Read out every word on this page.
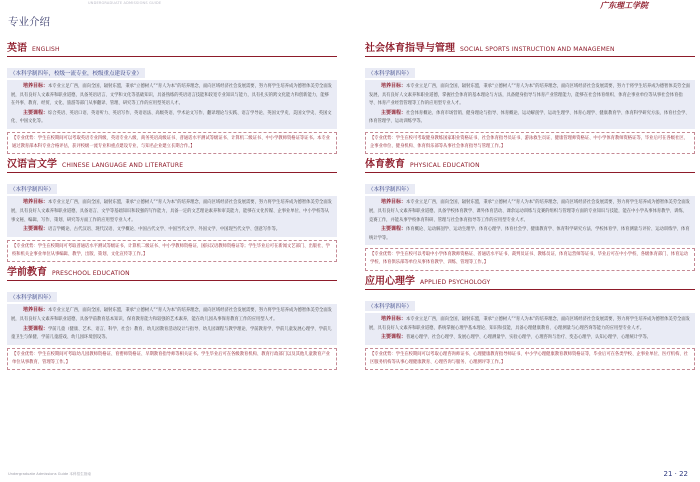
UNDERGRADUATE ADMISSIONS GUIDE	广东理工学院
专业介绍
英语 ENGLISH
（本科学制四年，校级一流专业，校级重点建设专业）

培养目标：本专业立足广西，面向全国，辐射东盟，秉承“立德树人”“育人为本”的培养理念，面向区域经济社会发展需要，努力将学生培养成为德智体美劳全面发展，具有良好人文素养和职业道德，具备英语语言、文学和文化等基础知识，具备熟练的英语语言技能和较宽专业知识与能力，具有扎实的跨文化能力和创新能力，能够在外事、教育、经贸、文化、旅游等部门从事翻译、管理、研究等工作的应用型英语人才。

主要课程：综合英语、英语口语、英语听力、英语写作、英语语法、高级英语、学术论文写作、翻译理论与实践、语言学导论、英国文学史、美国文学史、英国文化、中国文化等。

【专业优势：学生在校期间可以考取英语专业四级、英语专业八级、商务英语高级证书、普通话水平测试等级证书、计算机二级证书、中小学教师资格证等证书。本专业通过教育部本科专业合格评估，获评校级一流专业和重点建设专业，与知名企业建立长期合作。】

汉语言文学 CHINESE LANGUAGE AND LITERATURE
（本科学制四年）

培养目标：本专业立足广西，面向全国，辐射东盟，秉承“立德树人”“育人为本”的培养理念，面向区域经济社会发展需要，努力将学生培养成为德智体美劳全面发展，具有良好人文素养和职业道德，具备语言、文学等基础知识和较强的写作能力，具备一定的文艺理论素养和审美能力，能够在文化传媒、企事业单位、中小学校等从事文秘、编辑、写作、策划、研究等方面工作的应用型专业人才。

主要课程：语言学概论、古代汉语、现代汉语、文学概论、中国古代文学、中国当代文学、外国文学、中国现当代文学、创意写作等。

【专业优势：学生在校期间可考取普通话水平测试等级证书、计算机二级证书、中小学教师资格证、国际汉语教师资格证等；学生毕业后可在新闻文艺部门、出版社、学校和机关企事业单位从事编辑、教学、出版、策划、文化宣传等工作。】

学前教育 PRESCHOOL EDUCATION
（本科学制四年）

培养目标：本专业立足广西，面向全国，辐射东盟，秉承“立德树人”“育人为本”的培养理念，面向区域经济社会发展需要，努力将学生培养成为德智体美劳全面发展，具有良好人文素养和职业道德，具备学前教育基本知识、保育教育能力和较强的艺术素养，能在幼儿园从事保育教育工作的应用型人才。

主要课程：学前儿童（健康、艺术、语言、科学、社会）教育、幼儿园教育活动设计与指导、幼儿园课程与教学理论、学前教育学、学前儿童发展心理学、学前儿童卫生与保健、学前儿童游戏、幼儿园环境创设等。

【专业优势：学生在校期间可考取幼儿园教师资格证、育婴师资格证、早期教育指导师等相关证书。学生毕业后可在各级教育机构、教育行政部门以及其他儿童教育产业单位从事教育、管理等工作。】

社会体育指导与管理 SOCIAL SPORTS INSTRUCTION AND MANAGEMEN
（本科学制四年）

培养目标：本专业立足广西，面向全国，辐射东盟，秉承“立德树人”“育人为本”的培养理念，面向区域经济社会发展需要，努力于将学生培养成为德智体美劳全面发展，具有良好人文素养和职业道德，掌握社会体育的基本理论与方法，具备健身指导与体育产业管理能力，能够在社会体育组织、体育企事业单位等从事社会体育指导、体育产业经营管理等工作的应用型专业人才。

主要课程：社会体育概论、体育市场营销、健身理论与指导、体育概论、运动解剖学、运动生理学、体育心理学、健康教育学、体育科学研究方法、体育社会学、体育管理学、运动训练学等。

【专业优势：学生在校可考取健身教练国家职业资格证书、社会体育指导员证书、游泳救生员证、健康管理师资格证、中小学体育教师资格证等，毕业后可在各级社区、企事业单位、健身机构、体育俱乐部等从事社会体育指导与管理工作。】

体育教育 PHYSICAL EDUCATION
（本科学制四年）

培养目标：本专业立足广西，面向全国，辐射东盟，秉承“立德树人”“育人为本”的培养理念，面向区域经济社会发展需要，努力将学生培养成为德智体美劳全面发展，具有良好人文素养和职业道德，具备学校体育教学、课外体育活动、课余运动训练与竞赛的组织与管理等方面的专业知识与技能，能在中小学从事体育教学、训练、竞赛工作，并能从事学校体育科研、管理与社会体育指导等工作的应用型专业人才。

主要课程：体育概论、运动解剖学、运动生理学、体育心理学、体育社会学、健康教育学、体育科学研究方法、学校体育学、体育测量与评价、运动训练学、体育统计学等。

【专业优势：学生在校可以考取中小学体育教师资格证、普通话水平证书、裁判员证书、教练员证、体育运营师等证书，毕业后可在中小学校、各级体育部门、体育运动学校、体育俱乐部等单位从事体育教学、训练、管理等工作。】

应用心理学 APPLIED PSYCHOLOGY
（本科学制四年）

培养目标：本专业立足广西，面向全国，辐射东盟，秉承“立德树人”“育人为本”的培养理念，面向区域经济社会发展需要，努力将学生培养成为德智体美劳全面发展，具有良好人文素养和职业道德，系统掌握心理学基本理论、知识和技能，具备心理健康教育、心理测量与心理咨询等能力的应用型专业人才。

主要课程：普通心理学、社会心理学、发展心理学、心理测量学、实验心理学、心理咨询与治疗、变态心理学、认知心理学、心理统计学等。

【专业优势：学生在校期间可以考取心理咨询师证书、心理健康教育指导师证书、中小学心理健康教育教师资格证等，毕业后可在各类学校、企事业单位、医疗机构、社区服务机构等从事心理健康教育、心理咨询与服务、心理测评等工作。】

Undergraduate Admissions Guide 本科招生指南	21 · 22
